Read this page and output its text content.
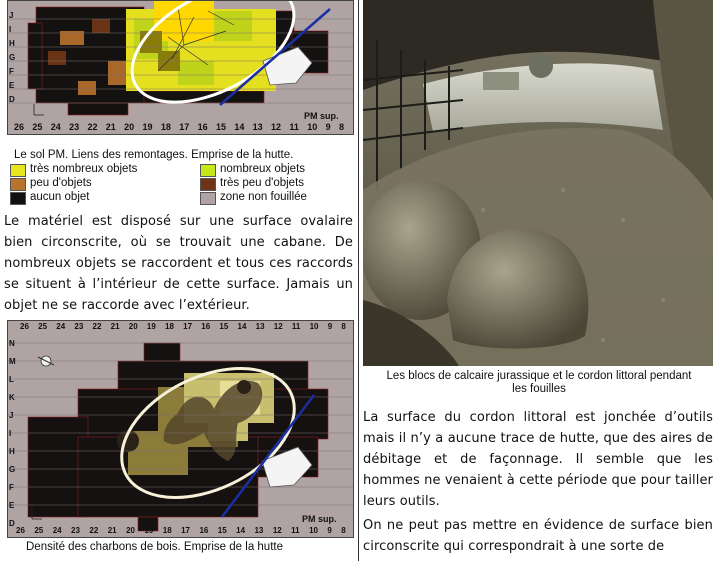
PM sup.
26 25 24 23 22 21 20 19 18 17 16 15 14 13 12 11 10 9 8
J
I
H
G
F
E
D
Le sol PM. Liens des remontages. Emprise de la hutte.
très nombreux objets	nombreux objets
peu d'objets	très peu d'objets
aucun objet	zone non fouillée
Le matériel est disposé sur une surface ovalaire bien circonscrite, où se trouvait une cabane. De nombreux objets se raccordent et tous ces raccords se situent à l’intérieur de cette surface. Jamais un objet ne se raccorde avec l’extérieur.
26 25 24 23 22 21 20 19 18 17 16 15 14 13 12 11 10 9 8
N
M
L
K
J
I
H
G
F
E
D	PM sup.
26 25 24 23 22 21 20 19 18 17 16 15 14 13 12 11 10 9 8
Densité des charbons de bois. Emprise de la hutte
Les blocs de calcaire jurassique et le cordon littoral pendant les fouilles
La surface du cordon littoral est jonchée d’outils mais il n’y a aucune trace de hutte, que des aires de débitage et de façonnage. Il semble que les hommes ne venaient à cette période que pour tailler leurs outils.
On ne peut pas mettre en évidence de surface bien circonscrite qui correspondrait à une sorte de
